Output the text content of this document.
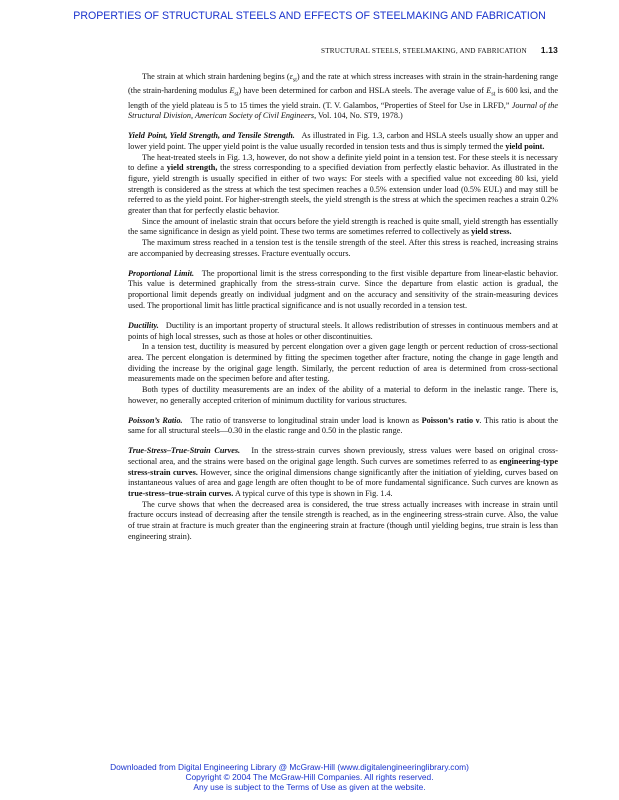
PROPERTIES OF STRUCTURAL STEELS AND EFFECTS OF STEELMAKING AND FABRICATION
STRUCTURAL STEELS, STEELMAKING, AND FABRICATION 1.13

The strain at which strain hardening begins $(\varepsilon_{st})$ and the rate at which stress increases with strain in the strain-hardening range (the strain-hardening modulus $E_{st}$) have been determined for carbon and HSLA steels. The average value of $E_{st}$ is 600 ksi, and the length of the yield plateau is 5 to 15 times the yield strain. (T. V. Galambos, “Properties of Steel for Use in LRFD,” Journal of the Structural Division, American Society of Civil Engineers, Vol. 104, No. ST9, 1978.)

Yield Point, Yield Strength, and Tensile Strength. As illustrated in Fig. 1.3, carbon and HSLA steels usually show an upper and lower yield point. The upper yield point is the value usually recorded in tension tests and thus is simply termed the yield point.

The heat-treated steels in Fig. 1.3, however, do not show a definite yield point in a tension test. For these steels it is necessary to define a yield strength, the stress corresponding to a specified deviation from perfectly elastic behavior. As illustrated in the figure, yield strength is usually specified in either of two ways: For steels with a specified value not exceeding 80 ksi, yield strength is considered as the stress at which the test specimen reaches a 0.5% extension under load (0.5% EUL) and may still be referred to as the yield point. For higher-strength steels, the yield strength is the stress at which the specimen reaches a strain 0.2% greater than that for perfectly elastic behavior.

Since the amount of inelastic strain that occurs before the yield strength is reached is quite small, yield strength has essentially the same significance in design as yield point. These two terms are sometimes referred to collectively as yield stress.

The maximum stress reached in a tension test is the tensile strength of the steel. After this stress is reached, increasing strains are accompanied by decreasing stresses. Fracture eventually occurs.

Proportional Limit. The proportional limit is the stress corresponding to the first visible departure from linear-elastic behavior. This value is determined graphically from the stress-strain curve. Since the departure from elastic action is gradual, the proportional limit depends greatly on individual judgment and on the accuracy and sensitivity of the strain-measuring devices used. The proportional limit has little practical significance and is not usually recorded in a tension test.

Ductility. Ductility is an important property of structural steels. It allows redistribution of stresses in continuous members and at points of high local stresses, such as those at holes or other discontinuities.

In a tension test, ductility is measured by percent elongation over a given gage length or percent reduction of cross-sectional area. The percent elongation is determined by fitting the specimen together after fracture, noting the change in gage length and dividing the increase by the original gage length. Similarly, the percent reduction of area is determined from cross-sectional measurements made on the specimen before and after testing.

Both types of ductility measurements are an index of the ability of a material to deform in the inelastic range. There is, however, no generally accepted criterion of minimum ductility for various structures.

Poisson’s Ratio. The ratio of transverse to longitudinal strain under load is known as Poisson’s ratio ν. This ratio is about the same for all structural steels—0.30 in the elastic range and 0.50 in the plastic range.

True-Stress–True-Strain Curves. In the stress-strain curves shown previously, stress values were based on original cross-sectional area, and the strains were based on the original gage length. Such curves are sometimes referred to as engineering-type stress-strain curves. However, since the original dimensions change significantly after the initiation of yielding, curves based on instantaneous values of area and gage length are often thought to be of more fundamental significance. Such curves are known as true-stress–true-strain curves. A typical curve of this type is shown in Fig. 1.4.

The curve shows that when the decreased area is considered, the true stress actually increases with increase in strain until fracture occurs instead of decreasing after the tensile strength is reached, as in the engineering stress-strain curve. Also, the value of true strain at fracture is much greater than the engineering strain at fracture (though until yielding begins, true strain is less than engineering strain).

Downloaded from Digital Engineering Library @ McGraw-Hill (www.digitalengineeringlibrary.com)
Copyright © 2004 The McGraw-Hill Companies. All rights reserved.
Any use is subject to the Terms of Use as given at the website.
